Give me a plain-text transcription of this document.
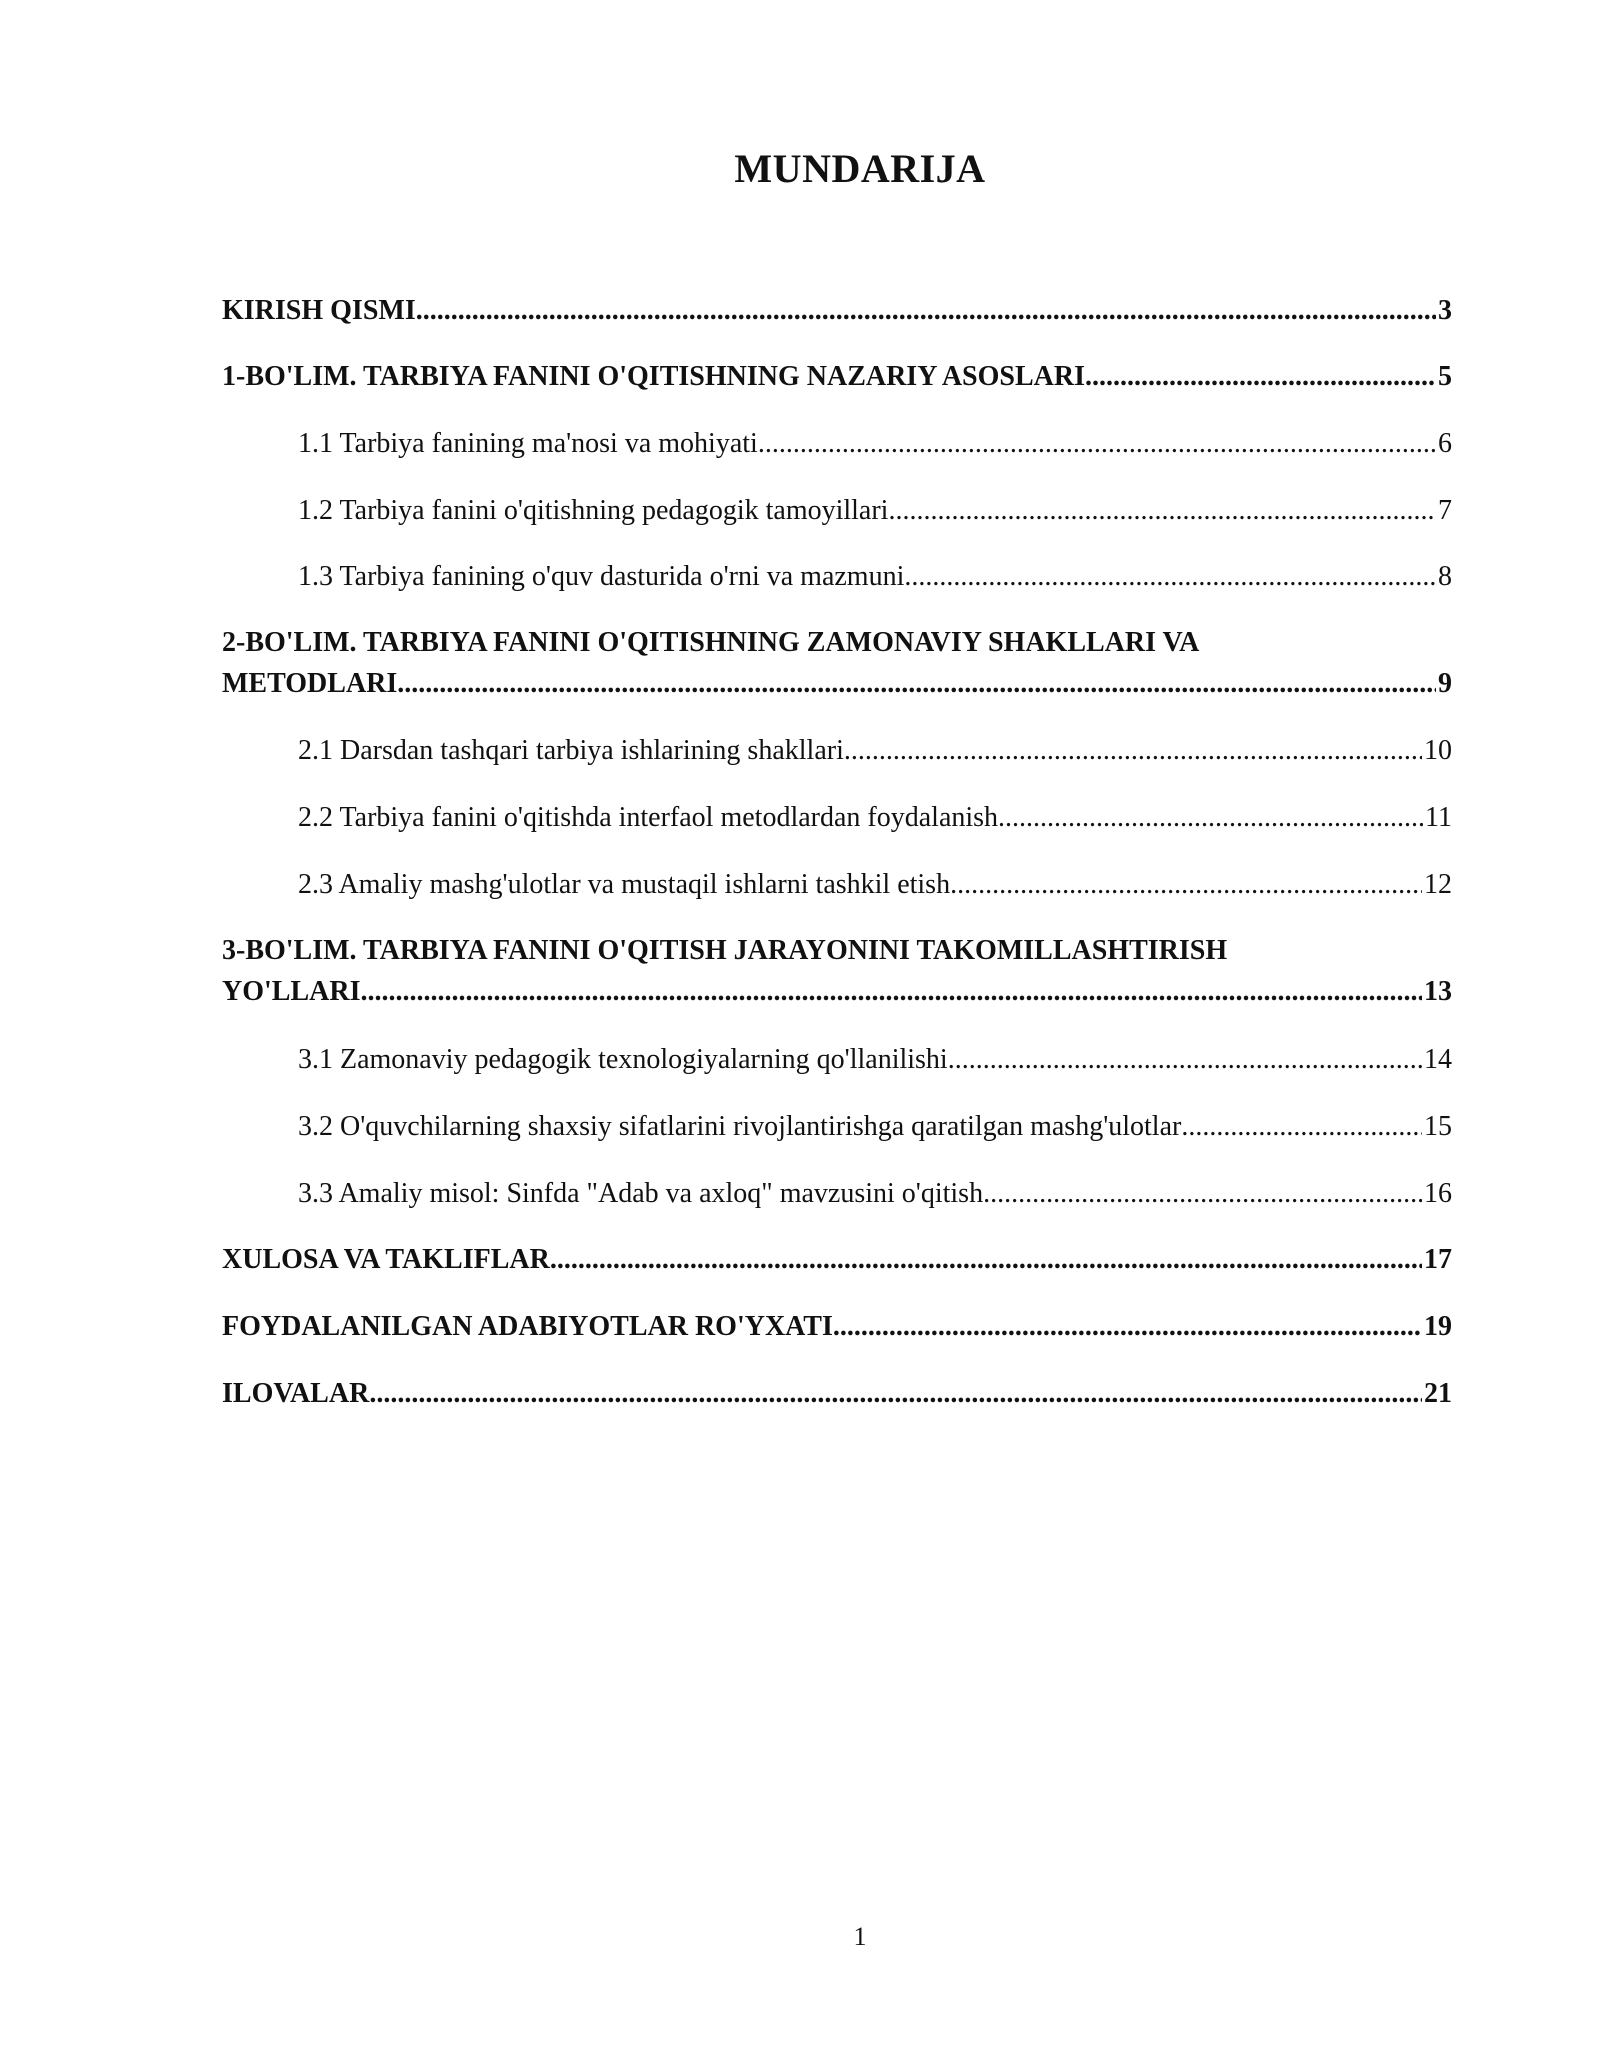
MUNDARIJA
KIRISH QISMI .....	3
1-BO'LIM. TARBIYA FANINI O'QITISHNING NAZARIY ASOSLARI .....	5
1.1 Tarbiya fanining ma'nosi va mohiyati .....	6
1.2 Tarbiya fanini o'qitishning pedagogik tamoyillari .....	7
1.3 Tarbiya fanining o'quv dasturida o'rni va mazmuni .....	8
2-BO'LIM. TARBIYA FANINI O'QITISHNING ZAMONAVIY SHAKLLARI VA
METODLARI .....	9
2.1 Darsdan tashqari tarbiya ishlarining shakllari .....	10
2.2 Tarbiya fanini o'qitishda interfaol metodlardan foydalanish .....	11
2.3 Amaliy mashg'ulotlar va mustaqil ishlarni tashkil etish .....	12
3-BO'LIM. TARBIYA FANINI O'QITISH JARAYONINI TAKOMILLASHTIRISH
YO'LLARI .....	13
3.1 Zamonaviy pedagogik texnologiyalarning qo'llanilishi .....	14
3.2 O'quvchilarning shaxsiy sifatlarini rivojlantirishga qaratilgan mashg'ulotlar .....	15
3.3 Amaliy misol: Sinfda "Adab va axloq" mavzusini o'qitish .....	16
XULOSA VA TAKLIFLAR .....	17
FOYDALANILGAN ADABIYOTLAR RO'YXATI .....	19
ILOVALAR .....	21
1
